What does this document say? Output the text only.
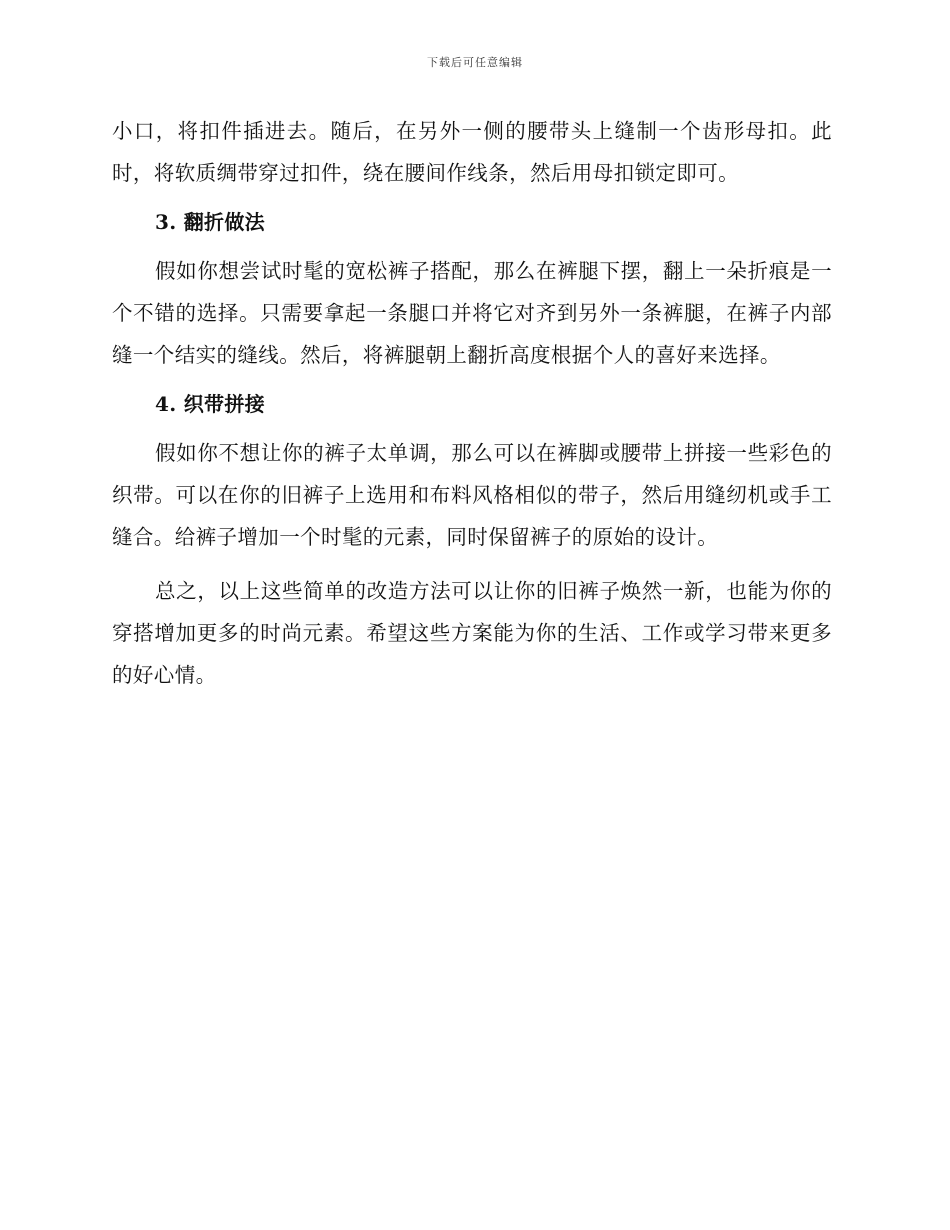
下载后可任意编辑

小口，将扣件插进去。随后，在另外一侧的腰带头上缝制一个齿形母扣。此时，将软质绸带穿过扣件，绕在腰间作线条，然后用母扣锁定即可。

3. 翻折做法

假如你想尝试时髦的宽松裤子搭配，那么在裤腿下摆，翻上一朵折痕是一个不错的选择。只需要拿起一条腿口并将它对齐到另外一条裤腿，在裤子内部缝一个结实的缝线。然后，将裤腿朝上翻折高度根据个人的喜好来选择。

4. 织带拼接

假如你不想让你的裤子太单调，那么可以在裤脚或腰带上拼接一些彩色的织带。可以在你的旧裤子上选用和布料风格相似的带子，然后用缝纫机或手工缝合。给裤子增加一个时髦的元素，同时保留裤子的原始的设计。

总之，以上这些简单的改造方法可以让你的旧裤子焕然一新，也能为你的穿搭增加更多的时尚元素。希望这些方案能为你的生活、工作或学习带来更多的好心情。
